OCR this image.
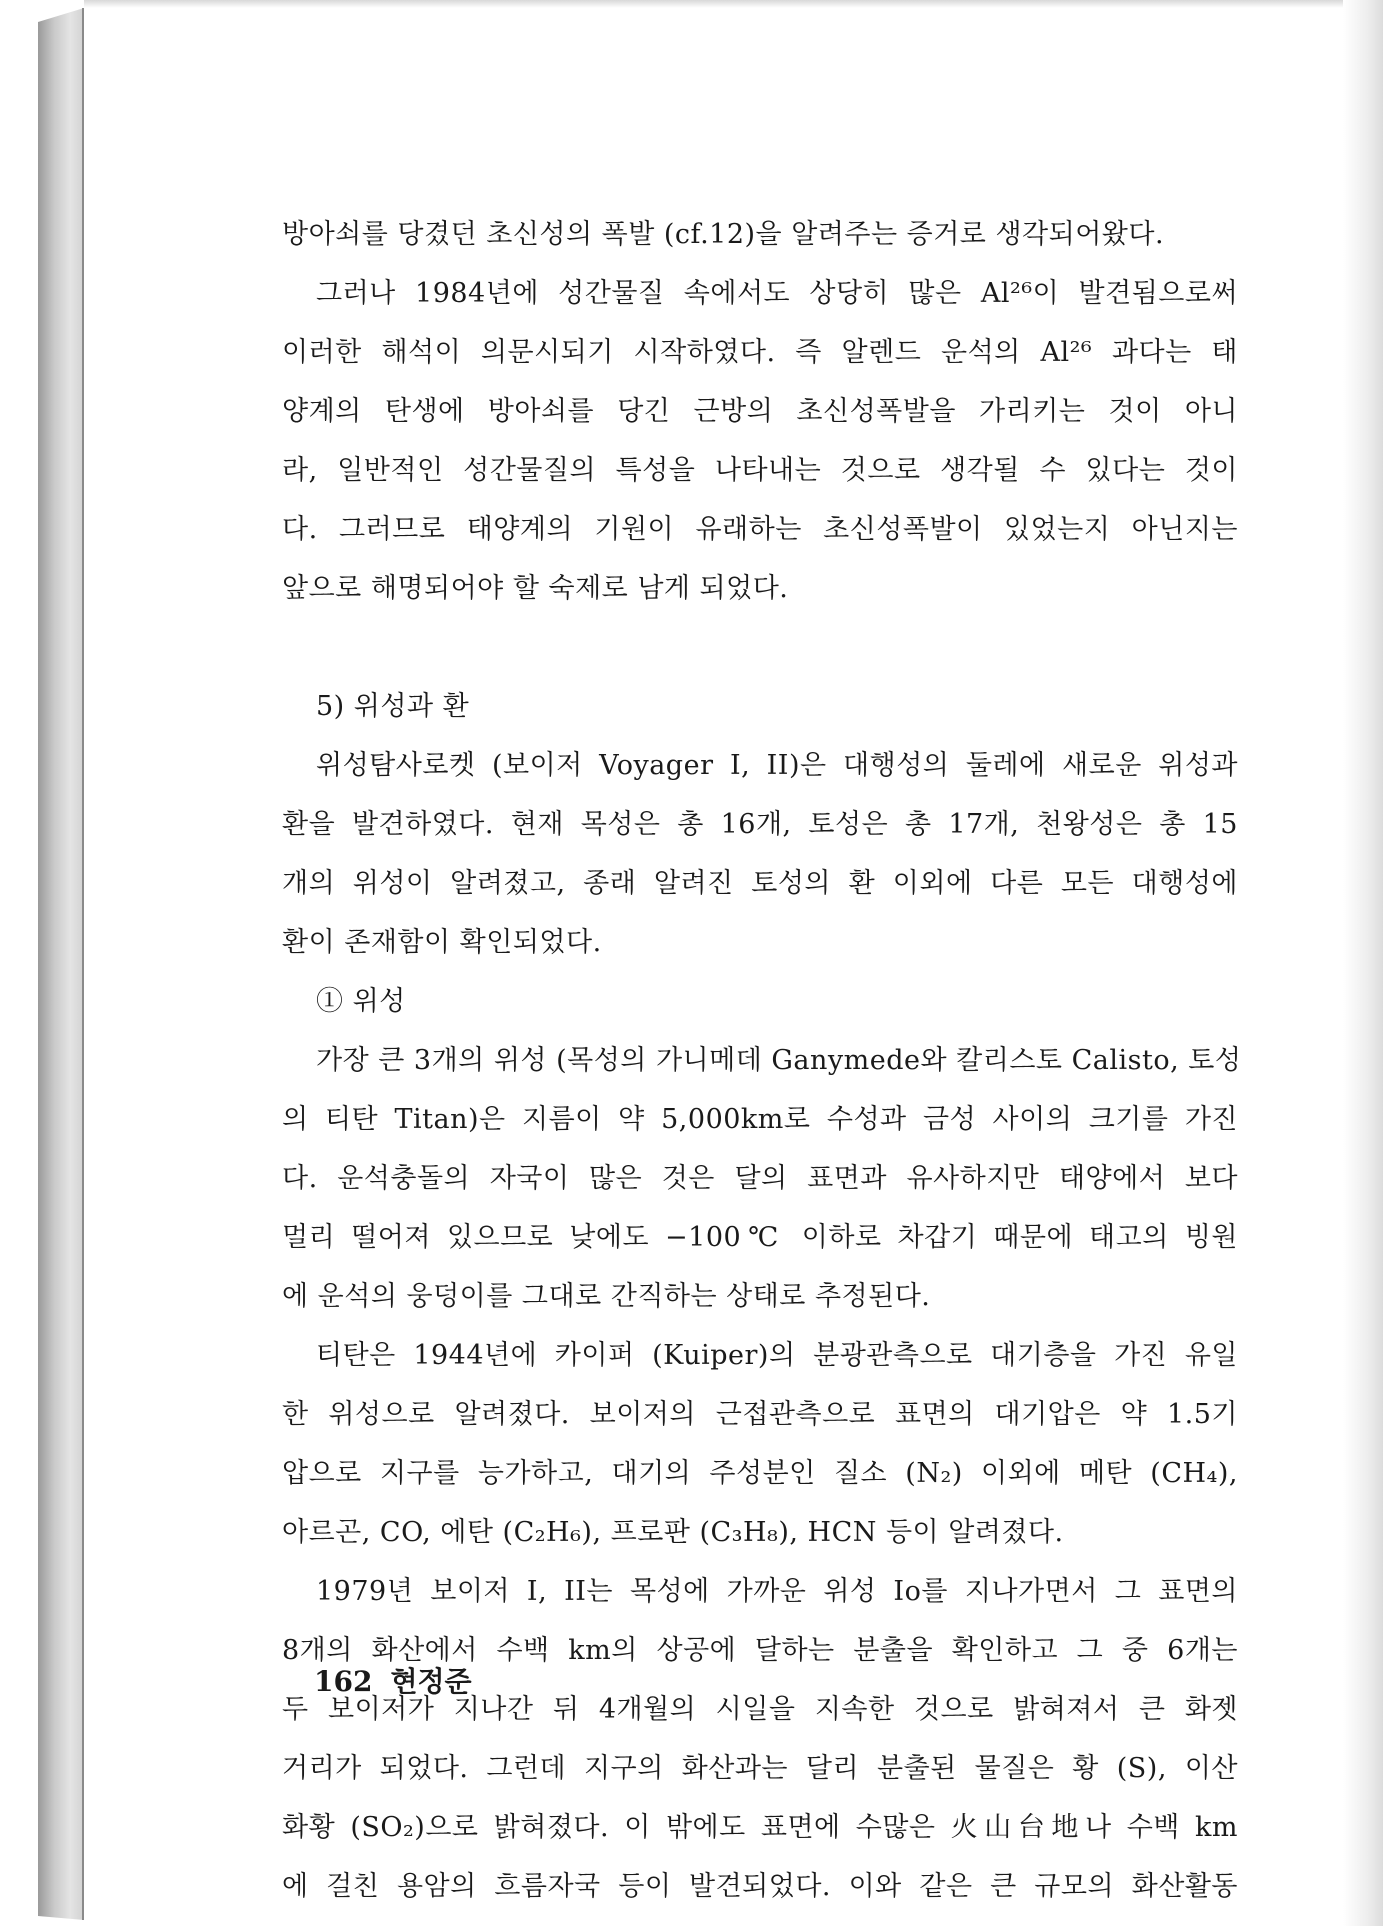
방아쇠를 당겼던 초신성의 폭발 (cf.12)을 알려주는 증거로 생각되어왔다.
그러나 1984년에 성간물질 속에서도 상당히 많은 Al²⁶이 발견됨으로써
이러한 해석이 의문시되기 시작하였다. 즉 알렌드 운석의 Al²⁶ 과다는 태
양계의 탄생에 방아쇠를 당긴 근방의 초신성폭발을 가리키는 것이 아니
라, 일반적인 성간물질의 특성을 나타내는 것으로 생각될 수 있다는 것이
다. 그러므로 태양계의 기원이 유래하는 초신성폭발이 있었는지 아닌지는
앞으로 해명되어야 할 숙제로 남게 되었다.
5) 위성과 환
위성탐사로켓 (보이저 Voyager I, II)은 대행성의 둘레에 새로운 위성과
환을 발견하였다. 현재 목성은 총 16개, 토성은 총 17개, 천왕성은 총 15
개의 위성이 알려졌고, 종래 알려진 토성의 환 이외에 다른 모든 대행성에
환이 존재함이 확인되었다.
① 위성
가장 큰 3개의 위성 (목성의 가니메데 Ganymede와 칼리스토 Calisto, 토성
의 티탄 Titan)은 지름이 약 5,000km로 수성과 금성 사이의 크기를 가진
다. 운석충돌의 자국이 많은 것은 달의 표면과 유사하지만 태양에서 보다
멀리 떨어져 있으므로 낮에도 −100℃ 이하로 차갑기 때문에 태고의 빙원
에 운석의 웅덩이를 그대로 간직하는 상태로 추정된다.
티탄은 1944년에 카이퍼 (Kuiper)의 분광관측으로 대기층을 가진 유일
한 위성으로 알려졌다. 보이저의 근접관측으로 표면의 대기압은 약 1.5기
압으로 지구를 능가하고, 대기의 주성분인 질소 (N₂) 이외에 메탄 (CH₄),
아르곤, CO, 에탄 (C₂H₆), 프로판 (C₃H₈), HCN 등이 알려졌다.
1979년 보이저 I, II는 목성에 가까운 위성 Io를 지나가면서 그 표면의
8개의 화산에서 수백 km의 상공에 달하는 분출을 확인하고 그 중 6개는
두 보이저가 지나간 뒤 4개월의 시일을 지속한 것으로 밝혀져서 큰 화젯
거리가 되었다. 그런데 지구의 화산과는 달리 분출된 물질은 황 (S), 이산
화황 (SO₂)으로 밝혀졌다. 이 밖에도 표면에 수많은 火山台地나 수백 km
에 걸친 용암의 흐름자국 등이 발견되었다. 이와 같은 큰 규모의 화산활동
162 현정준
